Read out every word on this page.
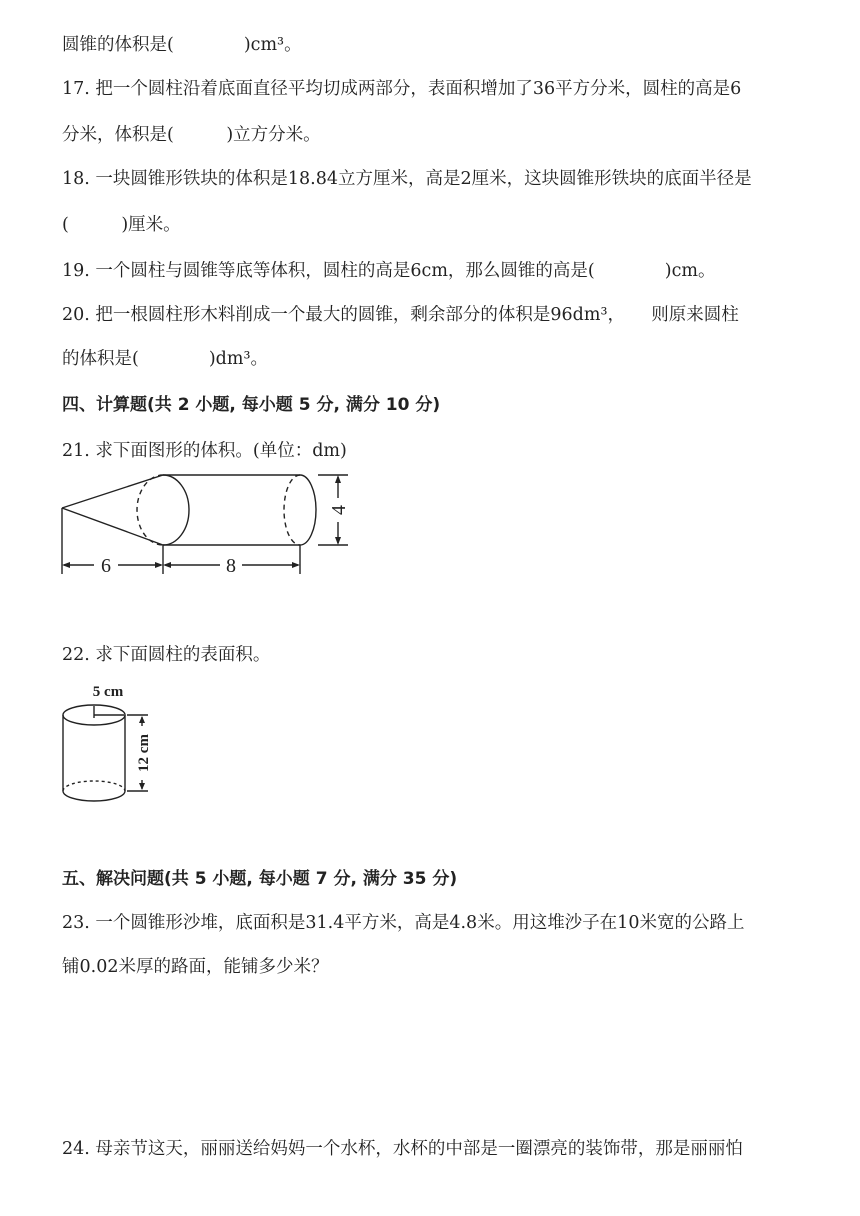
圆锥的体积是(　　　　)cm³。
17. 把一个圆柱沿着底面直径平均切成两部分，表面积增加了36平方分米，圆柱的高是6
分米，体积是(　　　)立方分米。
18. 一块圆锥形铁块的体积是18.84立方厘米，高是2厘米，这块圆锥形铁块的底面半径是
(　　　)厘米。
19. 一个圆柱与圆锥等底等体积，圆柱的高是6cm，那么圆锥的高是(　　　　)cm。
20. 把一根圆柱形木料削成一个最大的圆锥，剩余部分的体积是96dm³，　　则原来圆柱
的体积是(　　　　)dm³。
四、计算题(共 2 小题, 每小题 5 分, 满分 10 分)
21. 求下面图形的体积。(单位：dm)
6	8
4
22. 求下面圆柱的表面积。
5 cm
12 cm
五、解决问题(共 5 小题, 每小题 7 分, 满分 35 分)
23. 一个圆锥形沙堆，底面积是31.4平方米，高是4.8米。用这堆沙子在10米宽的公路上
铺0.02米厚的路面，能铺多少米？
24. 母亲节这天，丽丽送给妈妈一个水杯，水杯的中部是一圈漂亮的装饰带，那是丽丽怕
